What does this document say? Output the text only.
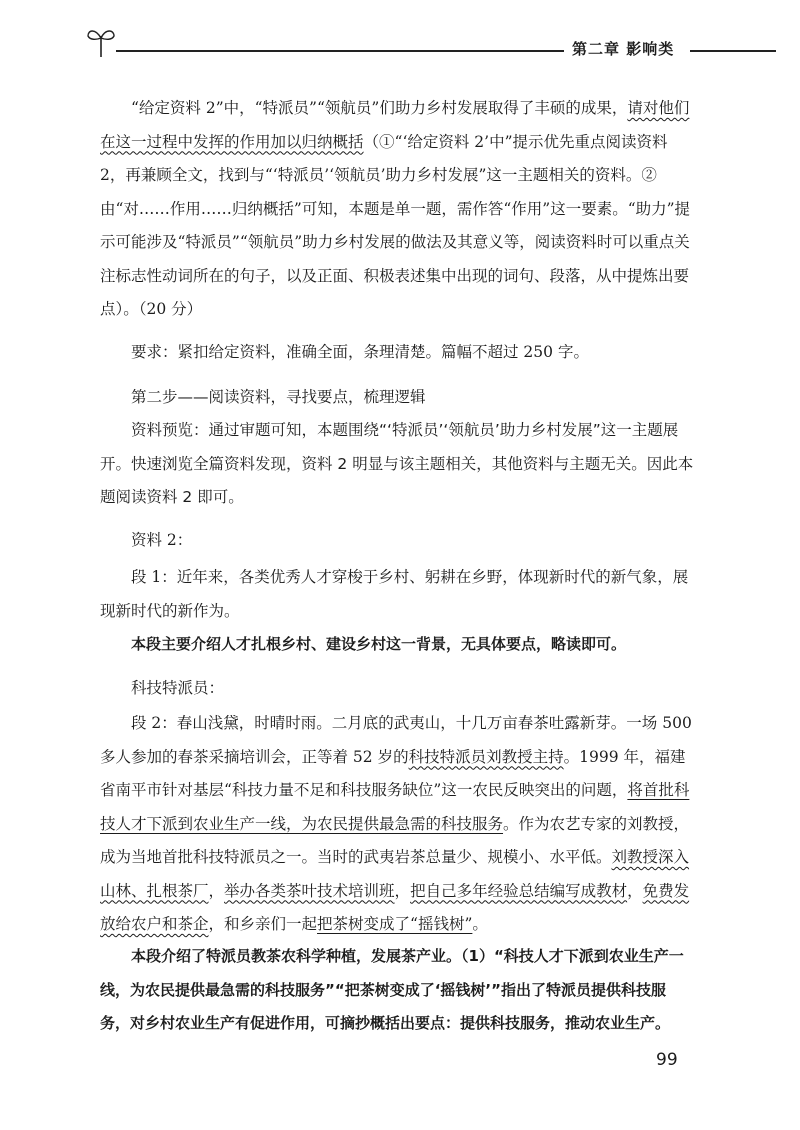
第二章 影响类

“给定资料 2”中，“特派员”“领航员”们助力乡村发展取得了丰硕的成果，请对他们在这一过程中发挥的作用加以归纳概括（①“‘给定资料 2’中”提示优先重点阅读资料 2，再兼顾全文，找到与“‘特派员’‘领航员’助力乡村发展”这一主题相关的资料。②由“对……作用……归纳概括”可知，本题是单一题，需作答“作用”这一要素。“助力”提示可能涉及“特派员”“领航员”助力乡村发展的做法及其意义等，阅读资料时可以重点关注标志性动词所在的句子，以及正面、积极表述集中出现的词句、段落，从中提炼出要点）。（20 分）

要求：紧扣给定资料，准确全面，条理清楚。篇幅不超过 250 字。

第二步——阅读资料，寻找要点，梳理逻辑

资料预览：通过审题可知，本题围绕“‘特派员’‘领航员’助力乡村发展”这一主题展开。快速浏览全篇资料发现，资料 2 明显与该主题相关，其他资料与主题无关。因此本题阅读资料 2 即可。

资料 2：

段 1：近年来，各类优秀人才穿梭于乡村、躬耕在乡野，体现新时代的新气象，展现新时代的新作为。

本段主要介绍人才扎根乡村、建设乡村这一背景，无具体要点，略读即可。

科技特派员：

段 2：春山浅黛，时晴时雨。二月底的武夷山，十几万亩春茶吐露新芽。一场 500 多人参加的春茶采摘培训会，正等着 52 岁的科技特派员刘教授主持。1999 年，福建省南平市针对基层“科技力量不足和科技服务缺位”这一农民反映突出的问题，将首批科技人才下派到农业生产一线，为农民提供最急需的科技服务。作为农艺专家的刘教授，成为当地首批科技特派员之一。当时的武夷岩茶总量少、规模小、水平低。刘教授深入山林、扎根茶厂，举办各类茶叶技术培训班，把自己多年经验总结编写成教材，免费发放给农户和茶企，和乡亲们一起把茶树变成了“摇钱树”。

本段介绍了特派员教茶农科学种植，发展茶产业。（1）“科技人才下派到农业生产一线，为农民提供最急需的科技服务”“把茶树变成了‘摇钱树’”指出了特派员提供科技服务，对乡村农业生产有促进作用，可摘抄概括出要点：提供科技服务，推动农业生产。

99
